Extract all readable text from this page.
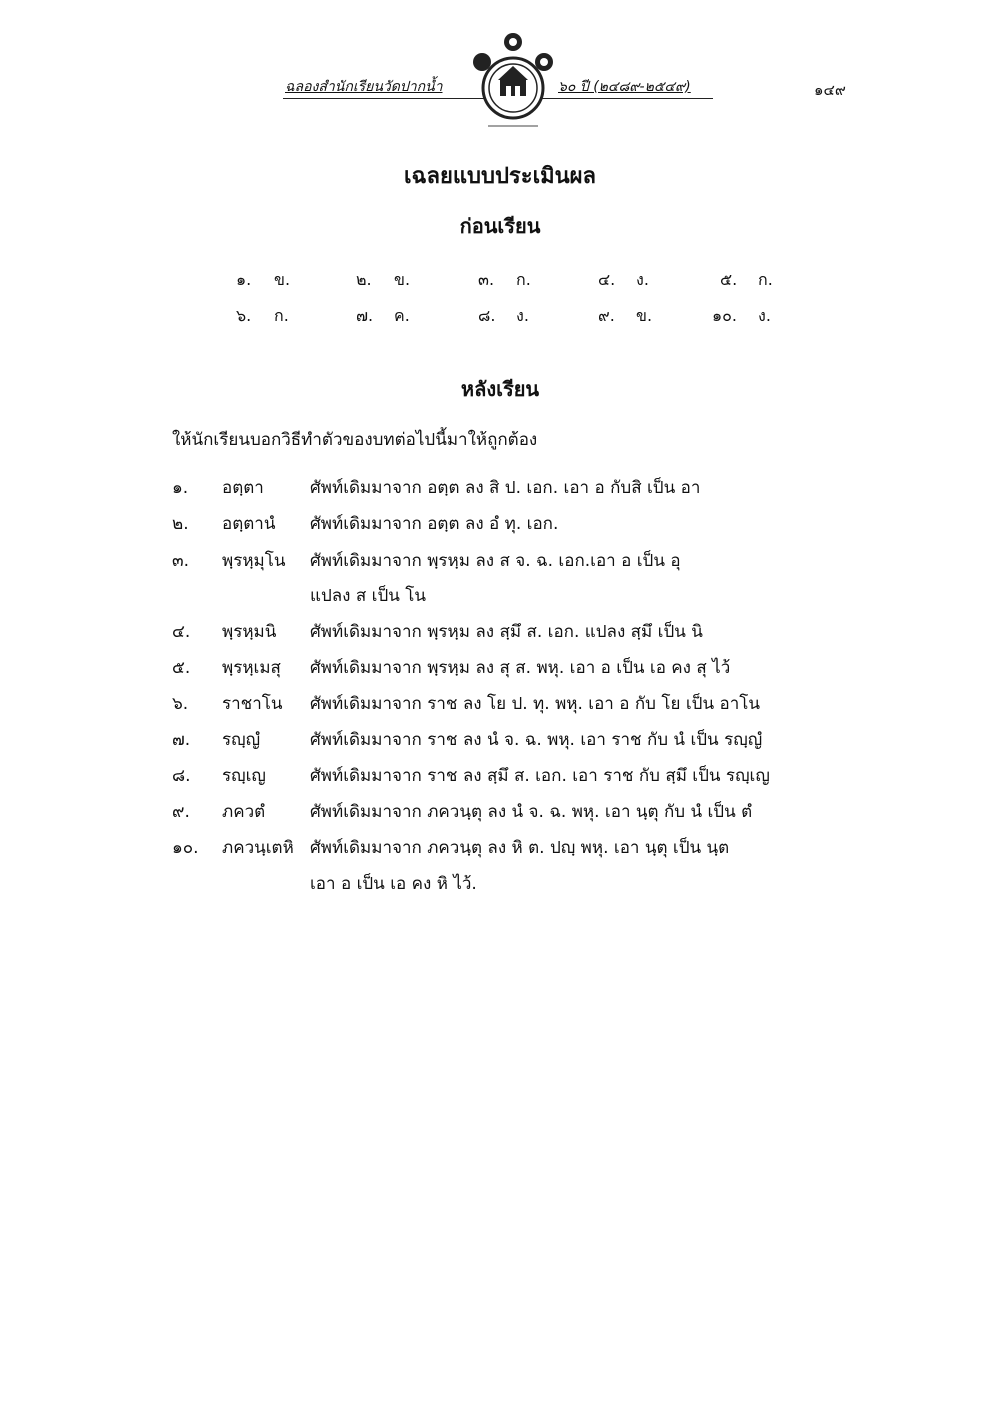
ฉลองสำนักเรียนวัดปากน้ำ	๖๐ ปี (๒๔๘๙-๒๕๔๙)	๑๔๙
เฉลยแบบประเมินผล
ก่อนเรียน
๑. ข.	๒. ข.	๓. ก.	๔. ง.	๕. ก.
๖. ก.	๗. ค.	๘. ง.	๙. ข.	๑๐. ง.
หลังเรียน
ให้นักเรียนบอกวิธีทำตัวของบทต่อไปนี้มาให้ถูกต้อง
๑. อตฺตา	ศัพท์เดิมมาจาก อตฺต ลง สิ ป. เอก. เอา อ กับสิ เป็น อา
๒. อตฺตานํ ศัพท์เดิมมาจาก อตฺต ลง อํ ทุ. เอก.
๓. พฺรหฺมุโน ศัพท์เดิมมาจาก พฺรหฺม ลง ส จ. ฉ. เอก.เอา อ เป็น อุ
แปลง ส เป็น โน
๔. พฺรหฺมนิ ศัพท์เดิมมาจาก พฺรหฺม ลง สฺมึ ส. เอก. แปลง สฺมึ เป็น นิ
๕. พฺรหฺเมสุ ศัพท์เดิมมาจาก พฺรหฺม ลง สุ ส. พหุ. เอา อ เป็น เอ คง สุ ไว้
๖. ราชาโน ศัพท์เดิมมาจาก ราช ลง โย ป. ทุ. พหุ. เอา อ กับ โย เป็น อาโน
๗. รญฺญํ	ศัพท์เดิมมาจาก ราช ลง นํ จ. ฉ. พหุ. เอา ราช กับ นํ เป็น รญฺญํ
๘. รญฺเญ	ศัพท์เดิมมาจาก ราช ลง สฺมึ ส. เอก. เอา ราช กับ สฺมึ เป็น รญฺเญ
๙. ภควตํ	ศัพท์เดิมมาจาก ภควนฺตุ ลง นํ จ. ฉ. พหุ. เอา นฺตุ กับ นํ เป็น ตํ
๑๐. ภควนฺเตหิ ศัพท์เดิมมาจาก ภควนฺตุ ลง หิ ต. ปญฺ พหุ. เอา นฺตุ เป็น นฺต
เอา อ เป็น เอ คง หิ ไว้.
